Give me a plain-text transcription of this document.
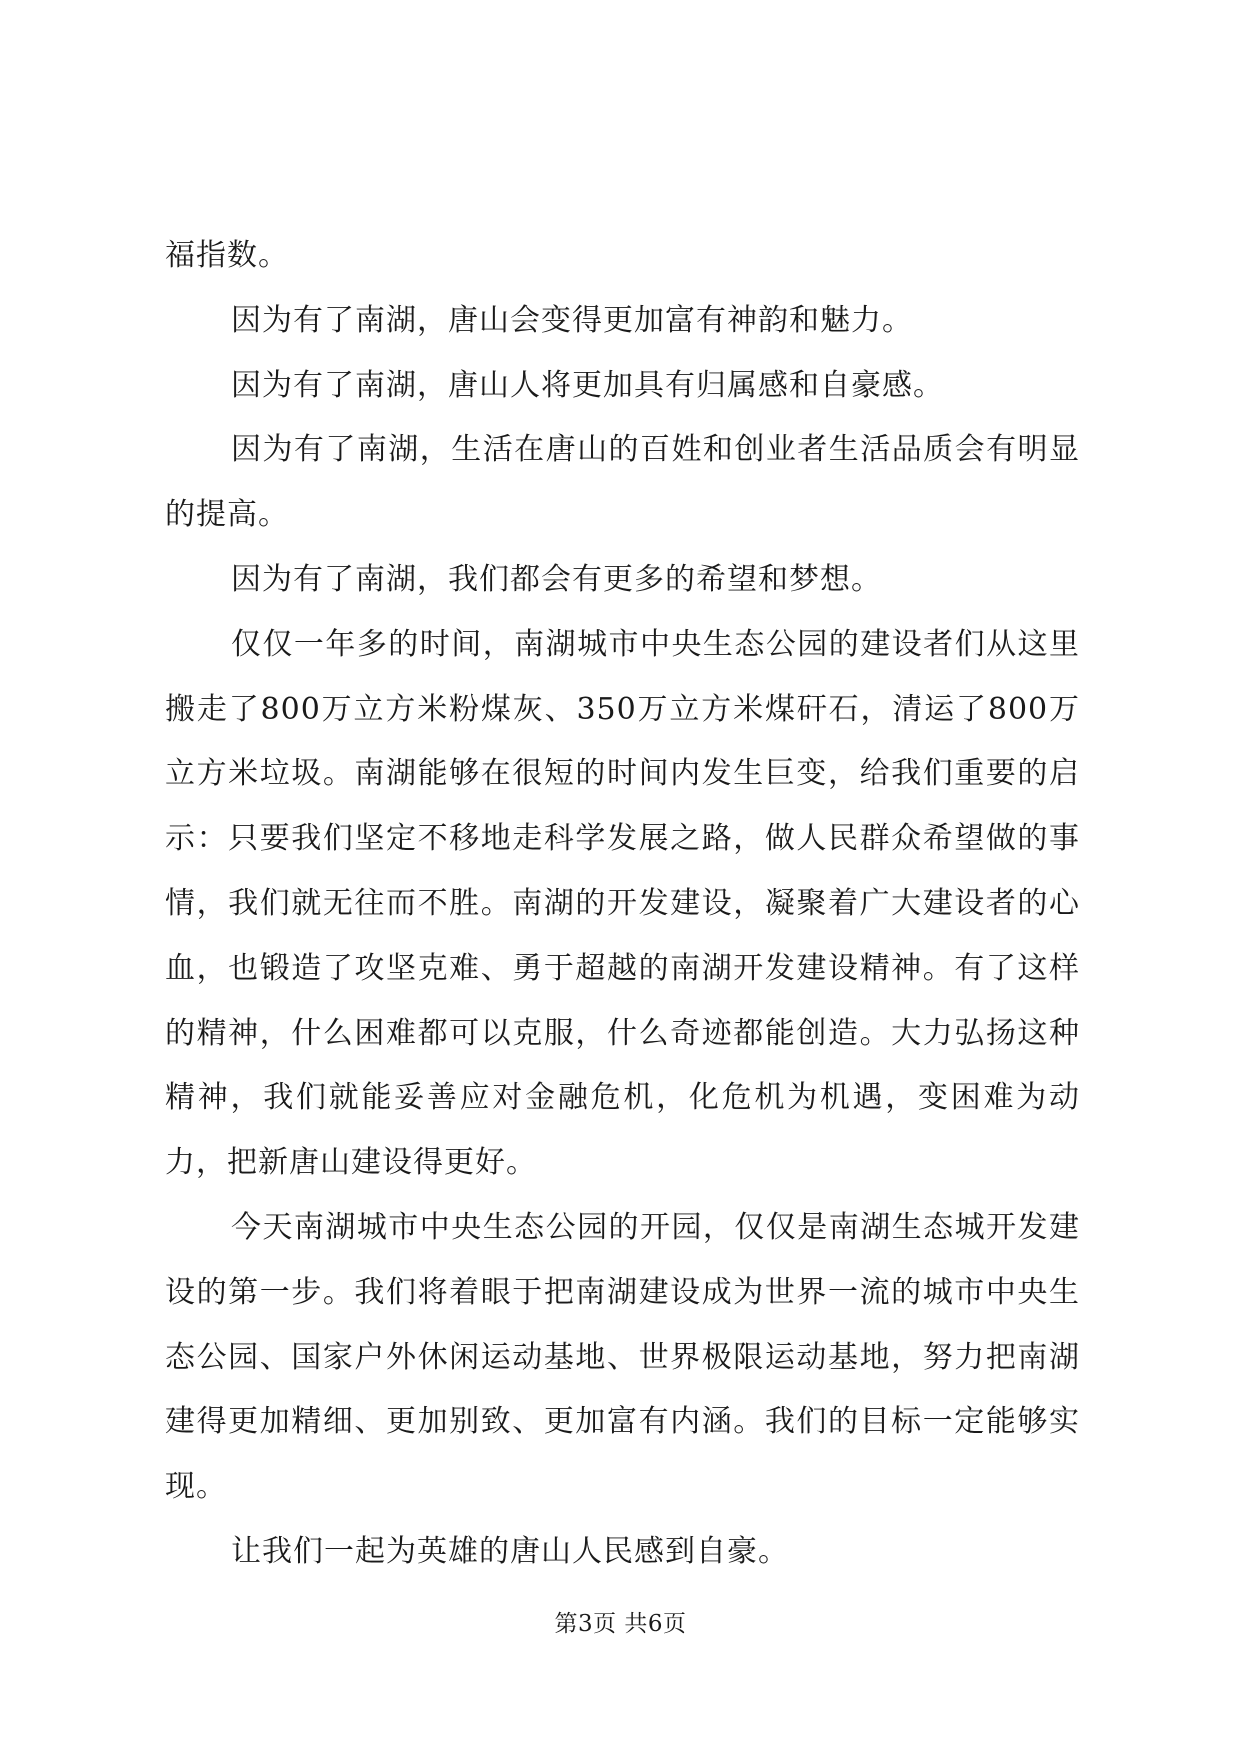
福指数。

因为有了南湖，唐山会变得更加富有神韵和魅力。

因为有了南湖，唐山人将更加具有归属感和自豪感。

因为有了南湖，生活在唐山的百姓和创业者生活品质会有明显的提高。

因为有了南湖，我们都会有更多的希望和梦想。

仅仅一年多的时间，南湖城市中央生态公园的建设者们从这里搬走了800万立方米粉煤灰、350万立方米煤矸石，清运了800万立方米垃圾。南湖能够在很短的时间内发生巨变，给我们重要的启示：只要我们坚定不移地走科学发展之路，做人民群众希望做的事情，我们就无往而不胜。南湖的开发建设，凝聚着广大建设者的心血，也锻造了攻坚克难、勇于超越的南湖开发建设精神。有了这样的精神，什么困难都可以克服，什么奇迹都能创造。大力弘扬这种精神，我们就能妥善应对金融危机，化危机为机遇，变困难为动力，把新唐山建设得更好。

今天南湖城市中央生态公园的开园，仅仅是南湖生态城开发建设的第一步。我们将着眼于把南湖建设成为世界一流的城市中央生态公园、国家户外休闲运动基地、世界极限运动基地，努力把南湖建得更加精细、更加别致、更加富有内涵。我们的目标一定能够实现。

让我们一起为英雄的唐山人民感到自豪。

第3页 共6页
